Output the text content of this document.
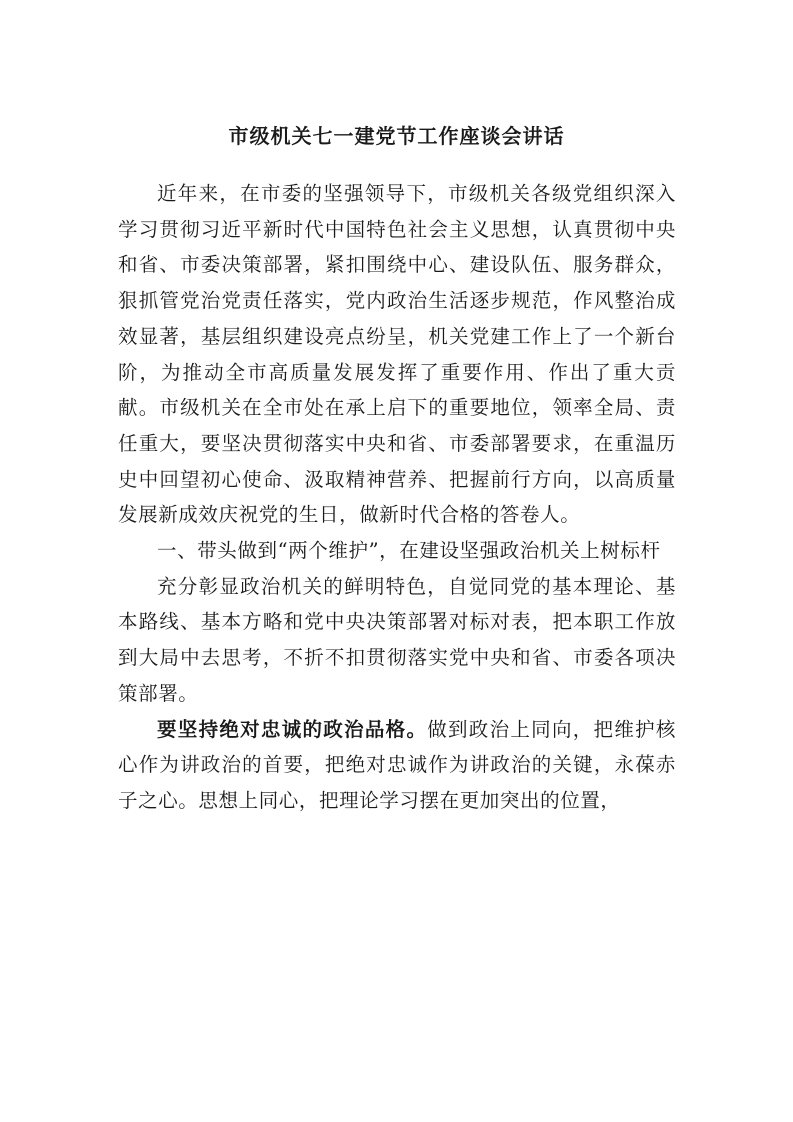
市级机关七一建党节工作座谈会讲话

近年来，在市委的坚强领导下，市级机关各级党组织深入学习贯彻习近平新时代中国特色社会主义思想，认真贯彻中央和省、市委决策部署，紧扣围绕中心、建设队伍、服务群众，狠抓管党治党责任落实，党内政治生活逐步规范，作风整治成效显著，基层组织建设亮点纷呈，机关党建工作上了一个新台阶，为推动全市高质量发展发挥了重要作用、作出了重大贡献。市级机关在全市处在承上启下的重要地位，领率全局、责任重大，要坚决贯彻落实中央和省、市委部署要求，在重温历史中回望初心使命、汲取精神营养、把握前行方向，以高质量发展新成效庆祝党的生日，做新时代合格的答卷人。

一、带头做到“两个维护”，在建设坚强政治机关上树标杆

充分彰显政治机关的鲜明特色，自觉同党的基本理论、基本路线、基本方略和党中央决策部署对标对表，把本职工作放到大局中去思考，不折不扣贯彻落实党中央和省、市委各项决策部署。

要坚持绝对忠诚的政治品格。做到政治上同向，把维护核心作为讲政治的首要，把绝对忠诚作为讲政治的关键，永葆赤子之心。思想上同心，把理论学习摆在更加突出的位置，
